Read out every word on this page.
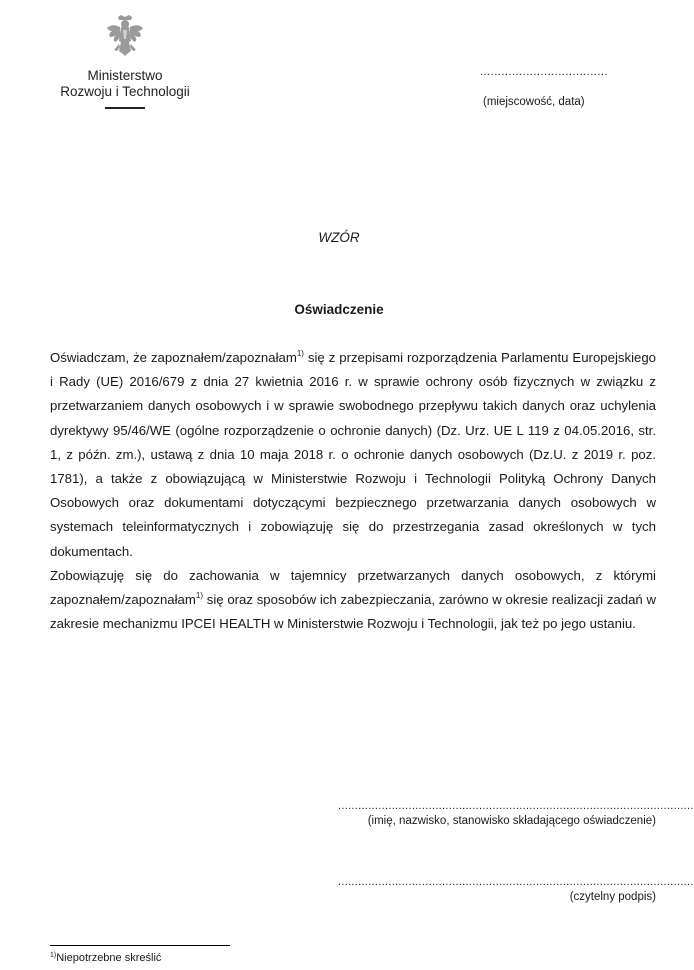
Ministerstwo
Rozwoju i Technologii
....................................
(miejscowość, data)
WZÓR
Oświadczenie

Oświadczam, że zapoznałem/zapoznałam$^{1)}$ się z przepisami rozporządzenia Parlamentu Europejskiego i Rady (UE) 2016/679 z dnia 27 kwietnia 2016 r. w sprawie ochrony osób fizycznych w związku z przetwarzaniem danych osobowych i w sprawie swobodnego przepływu takich danych oraz uchylenia dyrektywy 95/46/WE (ogólne rozporządzenie o ochronie danych) (Dz. Urz. UE L 119 z 04.05.2016, str. 1, z późn. zm.), ustawą z dnia 10 maja 2018 r. o ochronie danych osobowych (Dz.U. z 2019 r. poz. 1781), a także z obowiązującą w Ministerstwie Rozwoju i Technologii Polityką Ochrony Danych Osobowych oraz dokumentami dotyczącymi bezpiecznego przetwarzania danych osobowych w systemach teleinformatycznych i zobowiązuję się do przestrzegania zasad określonych w tych dokumentach.

Zobowiązuję się do zachowania w tajemnicy przetwarzanych danych osobowych, z którymi zapoznałem/zapoznałam$^{1)}$ się oraz sposobów ich zabezpieczania, zarówno w okresie realizacji zadań w zakresie mechanizmu IPCEI HEALTH w Ministerstwie Rozwoju i Technologii, jak też po jego ustaniu.

..........................................................................................................
(imię, nazwisko, stanowisko składającego oświadczenie)
..........................................................................................................
(czytelny podpis)
$^{1)}$Niepotrzebne skreślić
